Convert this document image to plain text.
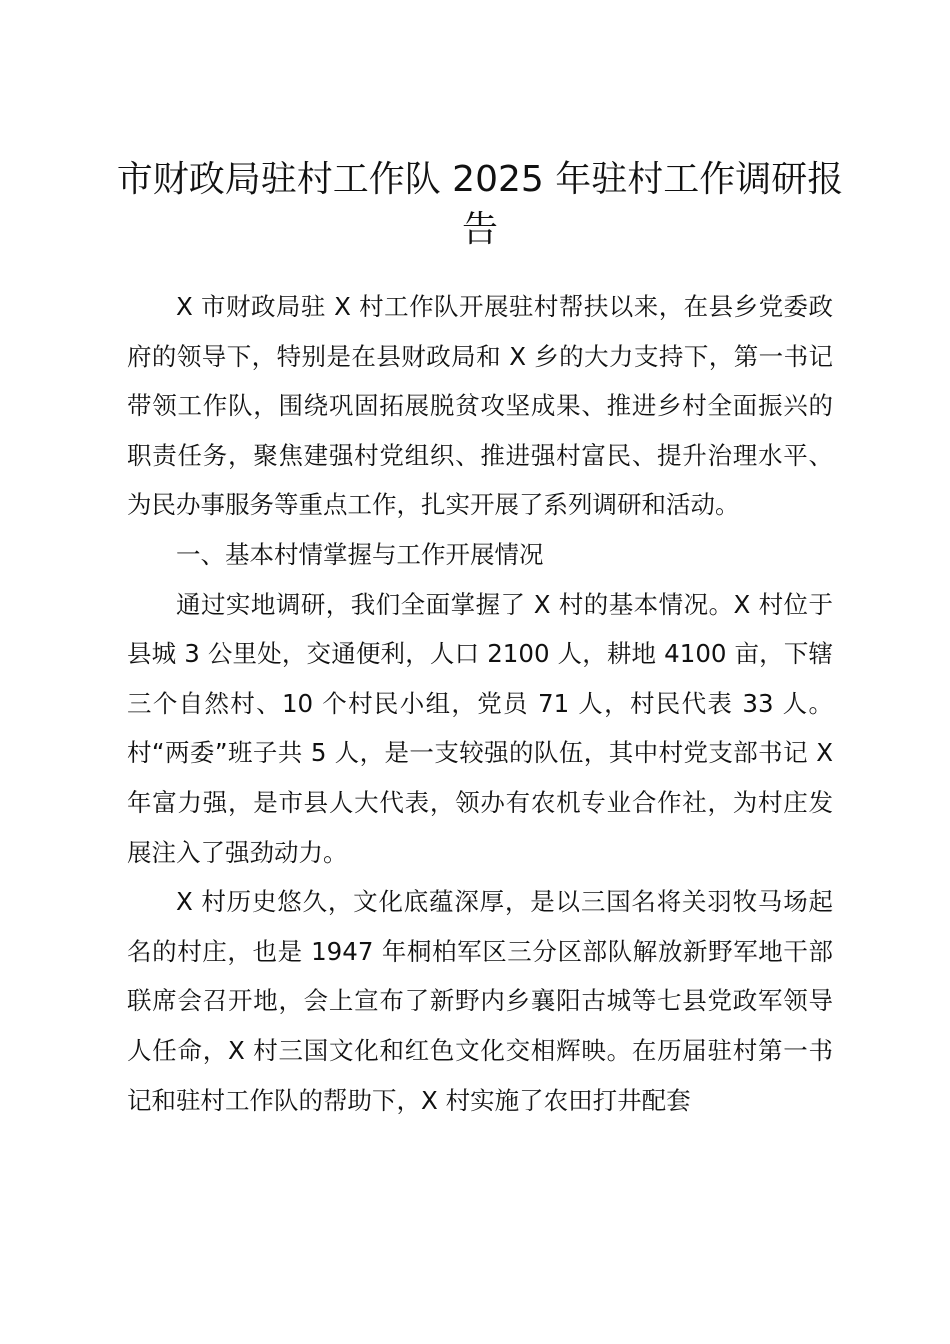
市财政局驻村工作队 2025 年驻村工作调研报告

X 市财政局驻 X 村工作队开展驻村帮扶以来，在县乡党委政府的领导下，特别是在县财政局和 X 乡的大力支持下，第一书记带领工作队，围绕巩固拓展脱贫攻坚成果、推进乡村全面振兴的职责任务，聚焦建强村党组织、推进强村富民、提升治理水平、为民办事服务等重点工作，扎实开展了系列调研和活动。

一、基本村情掌握与工作开展情况

通过实地调研，我们全面掌握了 X 村的基本情况。X 村位于县城 3 公里处，交通便利，人口 2100 人，耕地 4100 亩，下辖三个自然村、10 个村民小组，党员 71 人，村民代表 33 人。村“两委”班子共 5 人，是一支较强的队伍，其中村党支部书记 X 年富力强，是市县人大代表，领办有农机专业合作社，为村庄发展注入了强劲动力。

X 村历史悠久，文化底蕴深厚，是以三国名将关羽牧马场起名的村庄，也是 1947 年桐柏军区三分区部队解放新野军地干部联席会召开地，会上宣布了新野内乡襄阳古城等七县党政军领导人任命，X 村三国文化和红色文化交相辉映。在历届驻村第一书记和驻村工作队的帮助下，X 村实施了农田打井配套
